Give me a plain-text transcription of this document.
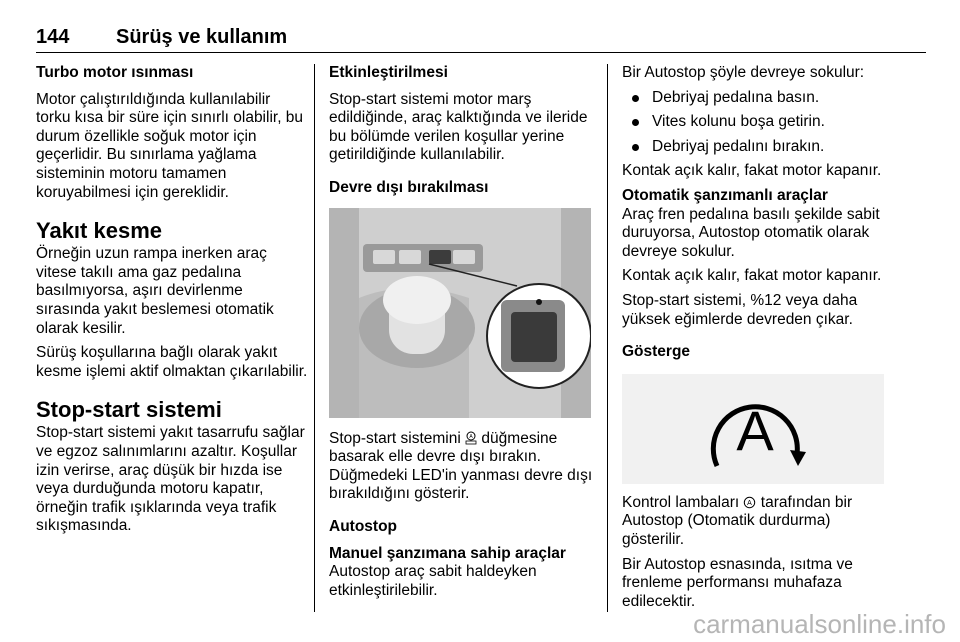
144 Sürüş ve kullanım
Turbo motor ısınması

Motor çalıştırıldığında kullanılabilir torku kısa bir süre için sınırlı olabilir, bu durum özellikle soğuk motor için geçerlidir. Bu sınırlama yağlama sisteminin motoru tamamen koruyabilmesi için gereklidir.

Yakıt kesme

Örneğin uzun rampa inerken araç vitese takılı ama gaz pedalına basılmıyorsa, aşırı devirlenme sırasında yakıt beslemesi otomatik olarak kesilir.

Sürüş koşullarına bağlı olarak yakıt kesme işlemi aktif olmaktan çıkarılabilir.

Stop-start sistemi

Stop-start sistemi yakıt tasarrufu sağlar ve egzoz salınımlarını azaltır. Koşullar izin verirse, araç düşük bir hızda ise veya durduğunda motoru kapatır, örneğin trafik ışıklarında veya trafik sıkışmasında.

Etkinleştirilmesi

Stop-start sistemi motor marş edildiğinde, araç kalktığında ve ileride bu bölümde verilen koşullar yerine getirildiğinde kullanılabilir.

Devre dışı bırakılması

Stop-start sistemini A düğmesine basarak elle devre dışı bırakın. Düğmedeki LED'in yanması devre dışı bırakıldığını gösterir.

Autostop
Manuel şanzımana sahip araçlar

Autostop araç sabit haldeyken etkinleştirilebilir.

Bir Autostop şöyle devreye sokulur:

Debriyaj pedalına basın.
Vites kolunu boşa getirin.
Debriyaj pedalını bırakın.

Kontak açık kalır, fakat motor kapanır.

Otomatik şanzımanlı araçlar

Araç fren pedalına basılı şekilde sabit duruyorsa, Autostop otomatik olarak devreye sokulur.

Kontak açık kalır, fakat motor kapanır.

Stop-start sistemi, %12 veya daha yüksek eğimlerde devreden çıkar.

Gösterge
A

Kontrol lambaları A tarafından bir Autostop (Otomatik durdurma) gösterilir.

Bir Autostop esnasında, ısıtma ve frenleme performansı muhafaza edilecektir.

carmanualsonline.info
